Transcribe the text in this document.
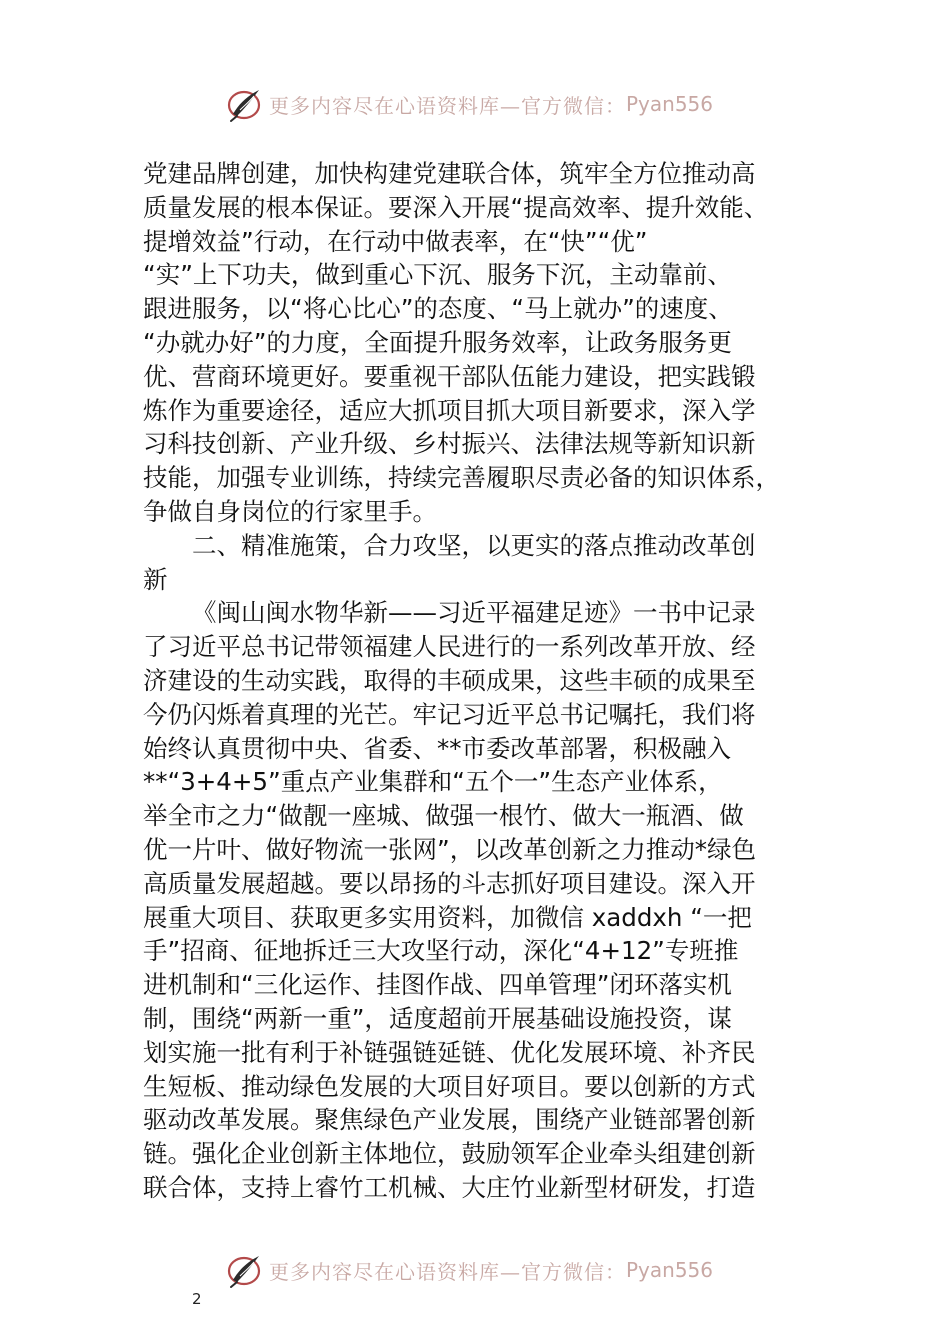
更多内容尽在心语资料库—官方微信： Pyan556
党建品牌创建，加快构建党建联合体，筑牢全方位推动高
质量发展的根本保证。要深入开展“提高效率、提升效能、
提增效益”行动，在行动中做表率，在“快”“优”
“实”上下功夫，做到重心下沉、服务下沉，主动靠前、
跟进服务，以“将心比心”的态度、“马上就办”的速度、
“办就办好”的力度，全面提升服务效率，让政务服务更
优、营商环境更好。要重视干部队伍能力建设，把实践锻
炼作为重要途径，适应大抓项目抓大项目新要求，深入学
习科技创新、产业升级、乡村振兴、法律法规等新知识新
技能，加强专业训练，持续完善履职尽责必备的知识体系，
争做自身岗位的行家里手。
二、精准施策，合力攻坚，以更实的落点推动改革创
新
《闽山闽水物华新——习近平福建足迹》一书中记录
了习近平总书记带领福建人民进行的一系列改革开放、经
济建设的生动实践，取得的丰硕成果，这些丰硕的成果至
今仍闪烁着真理的光芒。牢记习近平总书记嘱托，我们将
始终认真贯彻中央、省委、**市委改革部署，积极融入
**“3+4+5”重点产业集群和“五个一”生态产业体系，
举全市之力“做靓一座城、做强一根竹、做大一瓶酒、做
优一片叶、做好物流一张网”，以改革创新之力推动*绿色
高质量发展超越。要以昂扬的斗志抓好项目建设。深入开
展重大项目、获取更多实用资料，加微信 xaddxh “一把
手”招商、征地拆迁三大攻坚行动，深化“4+12”专班推
进机制和“三化运作、挂图作战、四单管理”闭环落实机
制，围绕“两新一重”，适度超前开展基础设施投资，谋
划实施一批有利于补链强链延链、优化发展环境、补齐民
生短板、推动绿色发展的大项目好项目。要以创新的方式
驱动改革发展。聚焦绿色产业发展，围绕产业链部署创新
链。强化企业创新主体地位，鼓励领军企业牵头组建创新
联合体，支持上睿竹工机械、大庄竹业新型材研发，打造
更多内容尽在心语资料库—官方微信： Pyan556
2
